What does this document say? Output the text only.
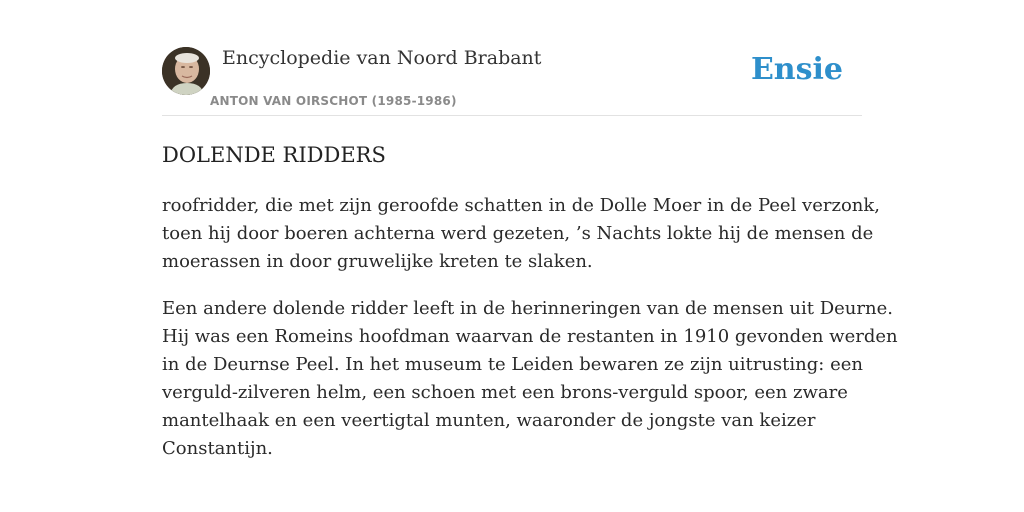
Encyclopedie van Noord Brabant
ANTON VAN OIRSCHOT (1985-1986)
Ensie
DOLENDE RIDDERS

roofridder, die met zijn geroofde schatten in de Dolle Moer in de Peel verzonk,
toen hij door boeren achterna werd gezeten, ’s Nachts lokte hij de mensen de
moerassen in door gruwelijke kreten te slaken.

Een andere dolende ridder leeft in de herinneringen van de mensen uit Deurne.
Hij was een Romeins hoofdman waarvan de restanten in 1910 gevonden werden
in de Deurnse Peel. In het museum te Leiden bewaren ze zijn uitrusting: een
verguld-zilveren helm, een schoen met een brons-verguld spoor, een zware
mantelhaak en een veertigtal munten, waaronder de jongste van keizer
Constantijn.
